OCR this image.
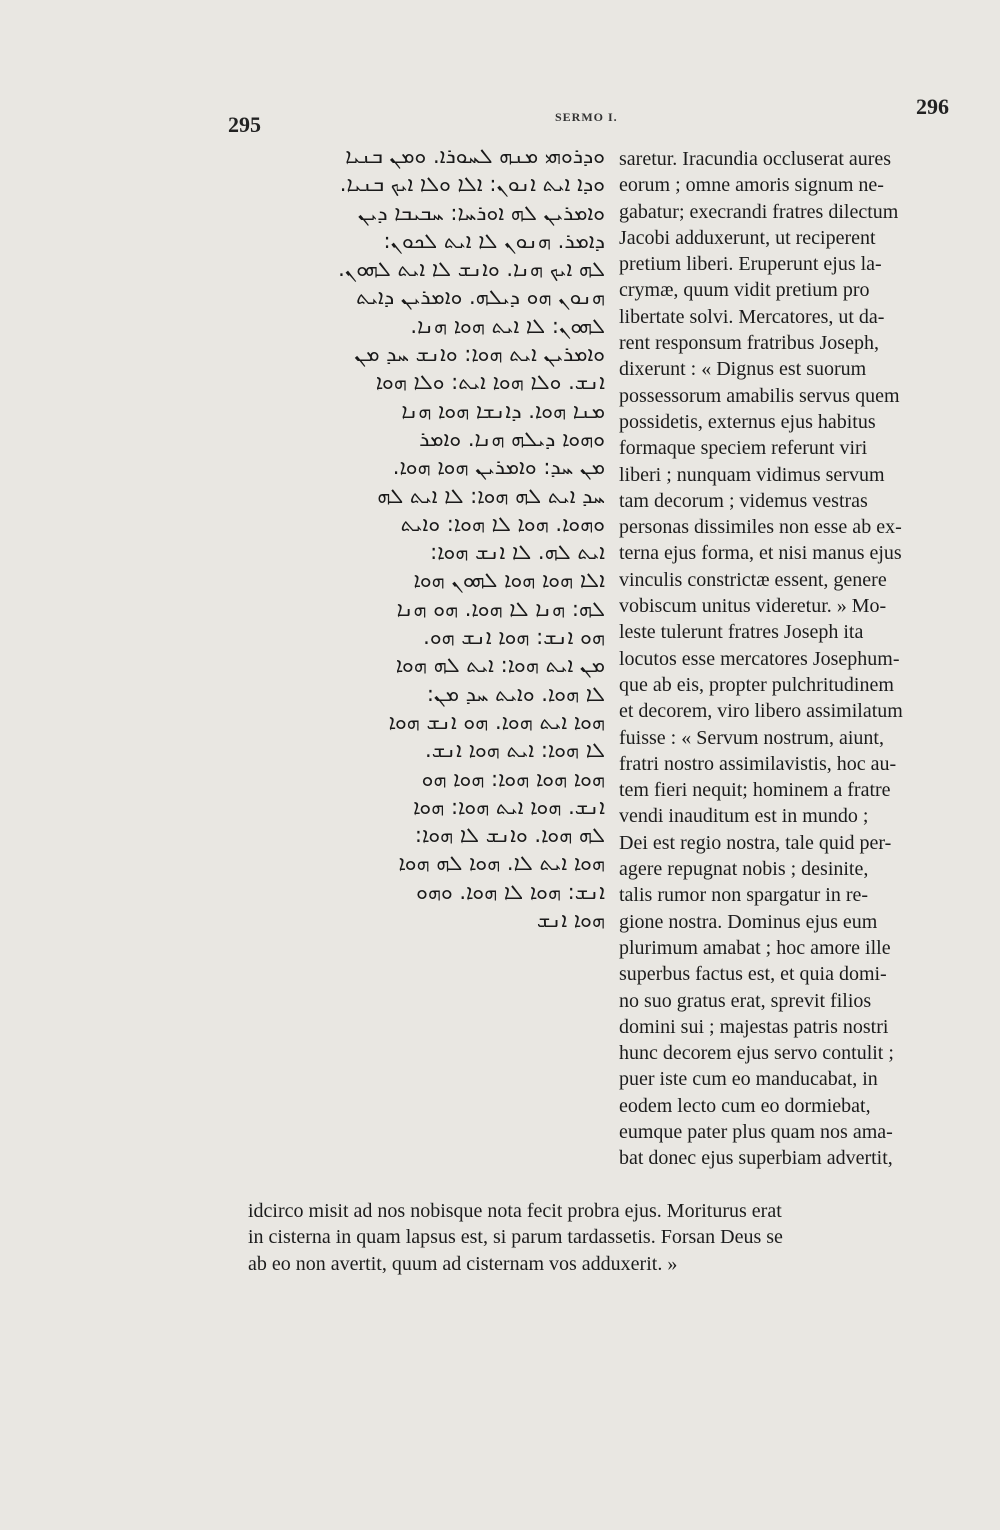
295	SERMO I.	296
ܘܕܪܘܗܝ ܡܢܗ ܠܚܘܪܐ. ܘܡܢ ܒܢܝܐ
ܘܕܐ ܐܝܬ ܐܢܘܢ: ܐܠܐ ܘܠܐ ܐܝܟ ܒܢܝܐ.
ܘܐܡܪܝܢ ܠܗ ܐܘܪܚܐ: ܚܒܝܒܐ ܕܝܢ
ܕܐܡܪ. ܗܢܘܢ ܠܐ ܐܝܬ ܠܟܘܢ:
ܠܗ ܐܝܟ ܗܢܐ. ܘܐܢܫ ܠܐ ܐܝܬ ܠܗܘܢ.
ܗܢܘܢ ܗܘ ܕܝܠܗ. ܘܐܡܪܝܢ ܕܐܝܬ
ܠܗܘܢ: ܠܐ ܐܝܬ ܗܘܐ ܗܢܐ.
ܘܐܡܪܝܢ ܐܝܬ ܗܘܐ: ܘܐܢܫ ܚܕ ܡܢ
ܐܢܫ. ܘܠܐ ܗܘܐ ܐܝܬ: ܘܠܐ ܗܘܐ
ܡܢܐ ܗܘܐ. ܕܐܢܫܐ ܗܘܐ ܗܢܐ
ܘܗܘܐ ܕܝܠܗ ܗܢܐ. ܘܐܡܪ
ܡܢ ܚܕ: ܘܐܡܪܝܢ ܗܘܐ ܗܘܐ.
ܚܕ ܐܝܬ ܠܗ ܗܘܐ: ܠܐ ܐܝܬ ܠܗ
ܘܗܘܐ. ܗܘܐ ܠܐ ܗܘܐ: ܘܐܝܬ
ܐܝܬ ܠܗ. ܠܐ ܐܢܫ ܗܘܐ:
ܐܠܐ ܗܘܐ ܗܘܐ ܠܗܘܢ ܗܘܐ
ܠܗ: ܗܢܐ ܠܐ ܗܘܐ. ܗܘ ܗܢܐ
ܗܘ ܐܢܫ: ܗܘܐ ܐܢܫ ܗܘ.
ܡܢ ܐܝܬ ܗܘܐ: ܐܝܬ ܠܗ ܗܘܐ
ܠܐ ܗܘܐ. ܘܐܝܬ ܚܕ ܡܢ:
ܗܘܐ ܐܝܬ ܗܘܐ. ܗܘ ܐܢܫ ܗܘܐ
ܠܐ ܗܘܐ: ܐܝܬ ܗܘܐ ܐܢܫ.
ܗܘܐ ܗܘܐ ܗܘܐ: ܗܘܐ ܗܘ
ܐܢܫ. ܗܘܐ ܐܝܬ ܗܘܐ: ܗܘܐ
ܠܗ ܗܘܐ. ܘܐܢܫ ܠܐ ܗܘܐ:
ܗܘܐ ܐܝܬ ܠܐ. ܗܘܐ ܠܗ ܗܘܐ
ܐܢܫ: ܗܘܐ ܠܐ ܗܘܐ. ܘܗܘ
ܗܘܐ ܐܢܫ
saretur. Iracundia occluserat aures
eorum ; omne amoris signum ne-
gabatur; execrandi fratres dilectum
Jacobi adduxerunt, ut reciperent
pretium liberi. Eruperunt ejus la-
crymæ, quum vidit pretium pro
libertate solvi. Mercatores, ut da-
rent responsum fratribus Joseph,
dixerunt : « Dignus est suorum
possessorum amabilis servus quem
possidetis, externus ejus habitus
formaque speciem referunt viri
liberi ; nunquam vidimus servum
tam decorum ; videmus vestras
personas dissimiles non esse ab ex-
terna ejus forma, et nisi manus ejus
vinculis constrictæ essent, genere
vobiscum unitus videretur. » Mo-
leste tulerunt fratres Joseph ita
locutos esse mercatores Josephum-
que ab eis, propter pulchritudinem
et decorem, viro libero assimilatum
fuisse : « Servum nostrum, aiunt,
fratri nostro assimilavistis, hoc au-
tem fieri nequit; hominem a fratre
vendi inauditum est in mundo ;
Dei est regio nostra, tale quid per-
agere repugnat nobis ; desinite,
talis rumor non spargatur in re-
gione nostra. Dominus ejus eum
plurimum amabat ; hoc amore ille
superbus factus est, et quia domi-
no suo gratus erat, sprevit filios
domini sui ; majestas patris nostri
hunc decorem ejus servo contulit ;
puer iste cum eo manducabat, in
eodem lecto cum eo dormiebat,
eumque pater plus quam nos ama-
bat donec ejus superbiam advertit,
idcirco misit ad nos nobisque nota fecit probra ejus. Moriturus erat
in cisterna in quam lapsus est, si parum tardassetis. Forsan Deus se
ab eo non avertit, quum ad cisternam vos adduxerit. »
